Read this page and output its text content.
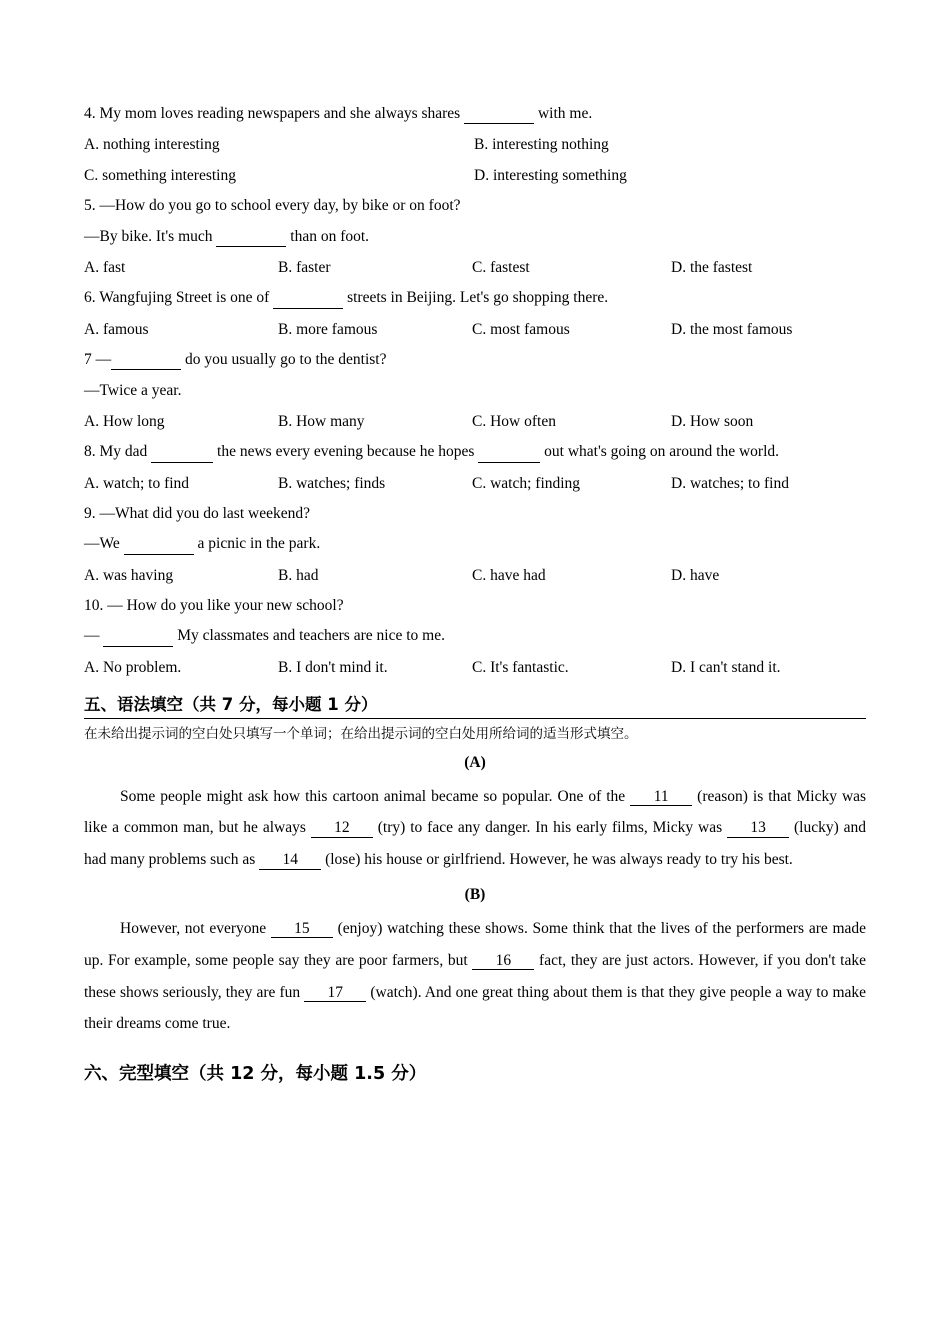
4. My mom loves reading newspapers and she always shares	with me.
A. nothing interesting	B. interesting nothing
C. something interesting	D. interesting something
5. —How do you go to school every day, by bike or on foot?
—By bike. It's much	than on foot.
A. fast	B. faster	C. fastest	D. the fastest
6. Wangfujing Street is one of	streets in Beijing. Let's go shopping there.
A. famous	B. more famous	C. most famous	D. the most famous
7 —	do you usually go to the dentist?
—Twice a year.
A. How long	B. How many	C. How often	D. How soon
8. My dad	the news every evening because he hopes	out what's going on around the world.
A. watch; to find	B. watches; finds	C. watch; finding	D. watches; to find
9. —What did you do last weekend?
—We	a picnic in the park.
A. was having	B. had	C. have had	D. have
10. — How do you like your new school?
—	My classmates and teachers are nice to me.
A. No problem.	B. I don't mind it.	C. It's fantastic.	D. I can't stand it.
五、语法填空（共 7 分，每小题 1 分）
在未给出提示词的空白处只填写一个单词；在给出提示词的空白处用所给词的适当形式填空。
(A)
Some people might ask how this cartoon animal became so popular. One of the 11 (reason) is that Micky was like a common man, but he always 12 (try) to face any danger. In his early films, Micky was 13 (lucky) and had many problems such as 14 (lose) his house or girlfriend. However, he was always ready to try his best.
(B)
However, not everyone 15 (enjoy) watching these shows. Some think that the lives of the performers are made up. For example, some people say they are poor farmers, but 16 fact, they are just actors. However, if you don't take these shows seriously, they are fun 17 (watch). And one great thing about them is that they give people a way to make their dreams come true.
六、完型填空（共 12 分，每小题 1.5 分）
